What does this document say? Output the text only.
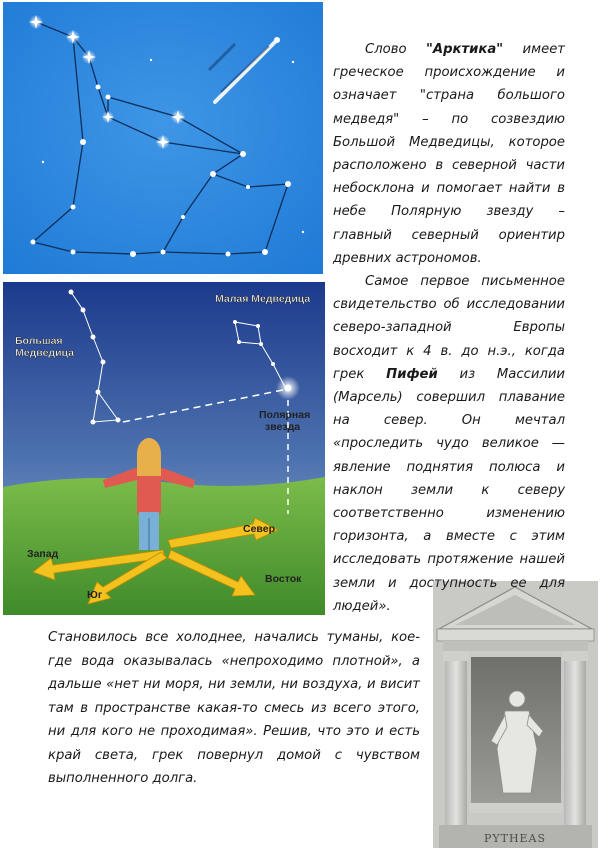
Малая Медведица
Большая
Медведица
Полярная
звезда
Север
Запад
Юг
Восток
PYTHEAS

Слово "Арктика" имеет греческое происхождение и означает "страна большого медведя" – по созвездию Большой Медведицы, которое расположено в северной части небосклона и помогает найти в небе Полярную звезду – главный северный ориентир древних астрономов.

Самое первое письменное свидетельство об исследовании северо-западной Европы восходит к 4 в. до н.э., когда грек Пифей из Массилии (Марсель) совершил плавание на север. Он мечтал «проследить чудо великое — явление поднятия полюса и наклон земли к северу соответственно изменению горизонта, а вместе с этим исследовать протяжение нашей земли и доступность ее для людей».

Становилось все холоднее, начались туманы, кое-где вода оказывалась «непроходимо плотной», а дальше «нет ни моря, ни земли, ни воздуха, и висит там в пространстве какая-то смесь из всего этого, ни для кого не проходимая». Решив, что это и есть край света, грек повернул домой с чувством выполненного долга.
